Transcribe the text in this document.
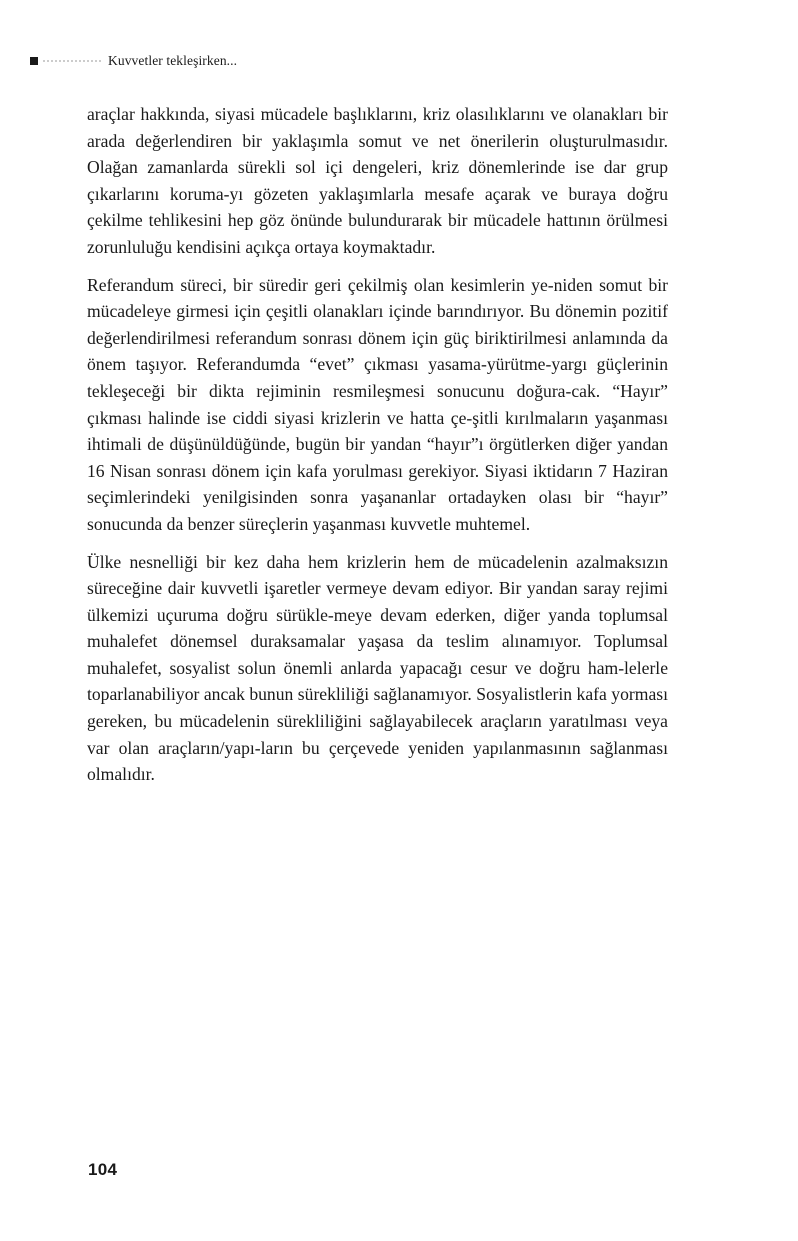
Kuvvetler tekleşirken...

araçlar hakkında, siyasi mücadele başlıklarını, kriz olasılıklarını ve olanakları bir arada değerlendiren bir yaklaşımla somut ve net önerilerin oluşturulmasıdır. Olağan zamanlarda sürekli sol içi dengeleri, kriz dönemlerinde ise dar grup çıkarlarını koruma-yı gözeten yaklaşımlarla mesafe açarak ve buraya doğru çekilme tehlikesini hep göz önünde bulundurarak bir mücadele hattının örülmesi zorunluluğu kendisini açıkça ortaya koymaktadır.

Referandum süreci, bir süredir geri çekilmiş olan kesimlerin ye-niden somut bir mücadeleye girmesi için çeşitli olanakları içinde barındırıyor. Bu dönemin pozitif değerlendirilmesi referandum sonrası dönem için güç biriktirilmesi anlamında da önem taşıyor. Referandumda “evet” çıkması yasama-yürütme-yargı güçlerinin tekleşeceği bir dikta rejiminin resmileşmesi sonucunu doğura-cak. “Hayır” çıkması halinde ise ciddi siyasi krizlerin ve hatta çe-şitli kırılmaların yaşanması ihtimali de düşünüldüğünde, bugün bir yandan “hayır”ı örgütlerken diğer yandan 16 Nisan sonrası dönem için kafa yorulması gerekiyor. Siyasi iktidarın 7 Haziran seçimlerindeki yenilgisinden sonra yaşananlar ortadayken olası bir “hayır” sonucunda da benzer süreçlerin yaşanması kuvvetle muhtemel.

Ülke nesnelliği bir kez daha hem krizlerin hem de mücadelenin azalmaksızın süreceğine dair kuvvetli işaretler vermeye devam ediyor. Bir yandan saray rejimi ülkemizi uçuruma doğru sürükle-meye devam ederken, diğer yanda toplumsal muhalefet dönemsel duraksamalar yaşasa da teslim alınamıyor. Toplumsal muhalefet, sosyalist solun önemli anlarda yapacağı cesur ve doğru ham-lelerle toparlanabiliyor ancak bunun sürekliliği sağlanamıyor. Sosyalistlerin kafa yorması gereken, bu mücadelenin sürekliliğini sağlayabilecek araçların yaratılması veya var olan araçların/yapı-ların bu çerçevede yeniden yapılanmasının sağlanması olmalıdır.

104
